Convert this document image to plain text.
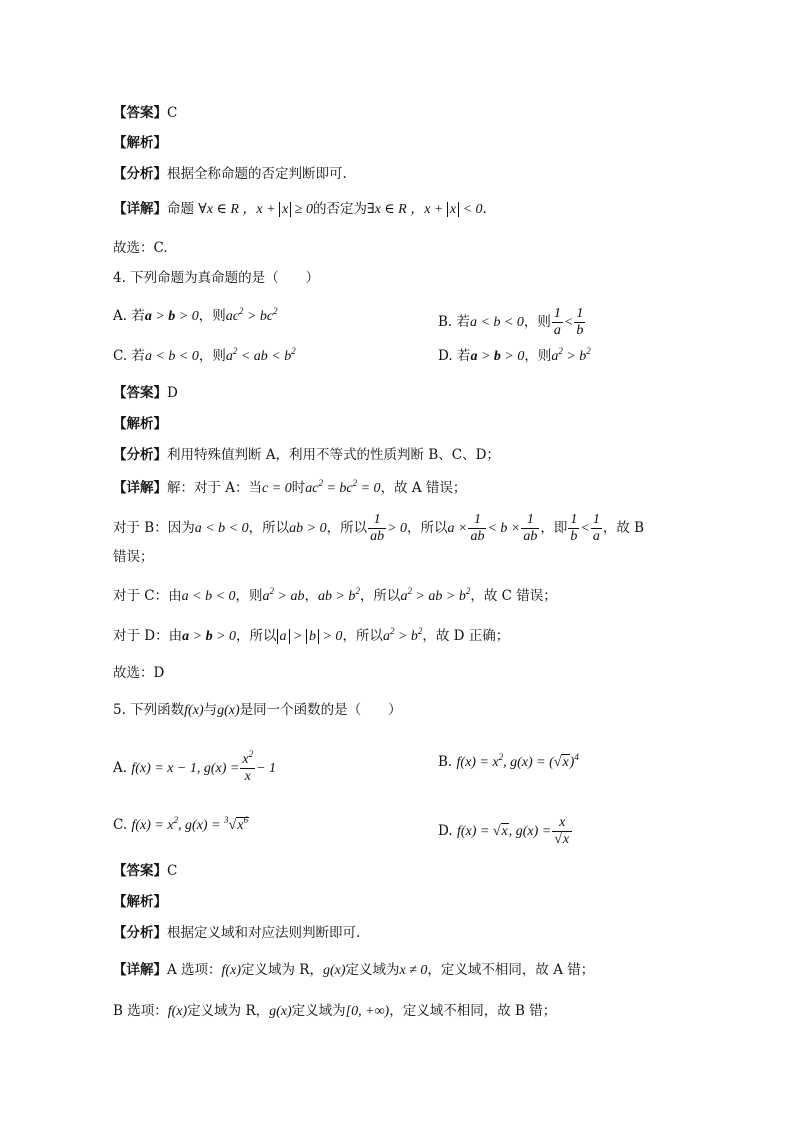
【答案】C
【解析】
【分析】根据全称命题的否定判断即可.
【详解】命题 ∀x ∈ R ，x + x ≥ 0的否定为∃x ∈ R ，x + x < 0.
故选：C.
4. 下列命题为真命题的是（　　）
A. 若a > b > 0，则$ac^2 > bc^2$
B. 若a < b < 0，则 $\frac{1}{a} < \frac{1}{b}$
C. 若a < b < 0，则$a^2$ < ab < $b^2$	D. 若a > b > 0，则$a^2 > b^2$
【答案】D
【解析】
【分析】利用特殊值判断 A，利用不等式的性质判断 B、C、D；
【详解】解：对于 A：当c = 0时$ac^2 = bc^2 = 0$，故 A 错误；
对于 B：因为a < b < 0，所以ab > 0，所以 $\frac{1}{ab} > 0$，所以$a \times \frac{1}{ab} < b \times \frac{1}{ab}$ ，即 $\frac{1}{b} < \frac{1}{a}$ ，故 B
错误；
对于 C：由a < b < 0，则$a^2$ > ab，ab > $b^2$，所以$a^2$ > ab > $b^2$，故 C 错误；
对于 D：由a > b > 0，所以 a > b > 0，所以$a^2 > b^2$，故 D 正确；
故选：D
5. 下列函数f(x)与g(x)是同一个函数的是（　　）
A. f(x) = x − 1, $g(x) = \frac{x^2}{x} - 1$	B. $f(x) = x^2$, $g(x) = (√x)^4$
C. $f(x) = x^2$, $g(x) = ^3√x^6$
D. f(x) = √x, $g(x) = \frac{x}{√x}$
【答案】C
【解析】
【分析】根据定义域和对应法则判断即可.
【详解】A 选项：f(x)定义域为 R，g(x)定义域为x ≠ 0，定义域不相同，故 A 错；
B 选项：f(x)定义域为 R，g(x)定义域为[0, +∞)，定义域不相同，故 B 错；
